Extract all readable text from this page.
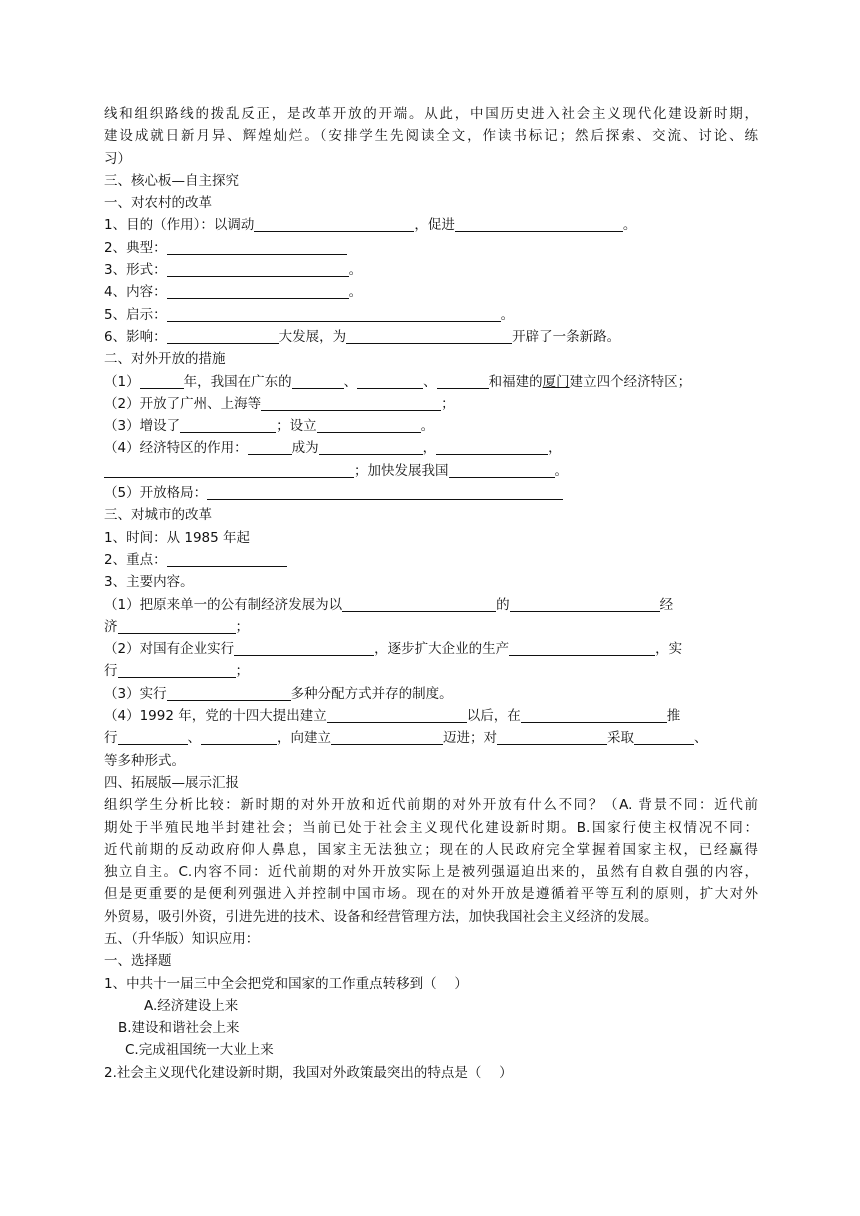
线和组织路线的拨乱反正，是改革开放的开端。从此，中国历史进入社会主义现代化建设新时期，
建设成就日新月异、辉煌灿烂。（安排学生先阅读全文，作读书标记；然后探索、交流、讨论、练
习）
三、核心板—自主探究
一、对农村的改革
1、目的（作用）：以调动	，促进	。
2、典型：
3、形式：	。
4、内容：	。
5、启示：	。
6、影响：	大发展，为	开辟了一条新路。
二、对外开放的措施
（1）	年，我国在广东的	、	、	和福建的厦门建立四个经济特区；
（2）开放了广州、上海等	；
（3）增设了	；设立	。
（4）经济特区的作用：	成为	，	，
；加快发展我国	。
（5）开放格局：
三、对城市的改革
1、时间：从 1985 年起
2、重点：
3、主要内容。
（1）把原来单一的公有制经济发展为以	的	经
济	；
（2）对国有企业实行	，逐步扩大企业的生产	，实
行	；
（3）实行	多种分配方式并存的制度。
（4）1992 年，党的十四大提出建立	以后，在	推
行	、	，向建立	迈进；对	采取	、
等多种形式。
四、拓展版—展示汇报
组织学生分析比较：新时期的对外开放和近代前期的对外开放有什么不同？（A. 背景不同：近代前
期处于半殖民地半封建社会；当前已处于社会主义现代化建设新时期。B.国家行使主权情况不同：
近代前期的反动政府仰人鼻息，国家主无法独立；现在的人民政府完全掌握着国家主权，已经赢得
独立自主。C.内容不同：近代前期的对外开放实际上是被列强逼迫出来的，虽然有自救自强的内容，
但是更重要的是便利列强进入并控制中国市场。现在的对外开放是遵循着平等互利的原则，扩大对外
外贸易，吸引外资，引进先进的技术、设备和经营管理方法，加快我国社会主义经济的发展。
五、（升华版）知识应用：
一、选择题
1、中共十一届三中全会把党和国家的工作重点转移到（　 ）
A.经济建设上来
B.建设和谐社会上来
C.完成祖国统一大业上来
2.社会主义现代化建设新时期，我国对外政策最突出的特点是（　 ）
